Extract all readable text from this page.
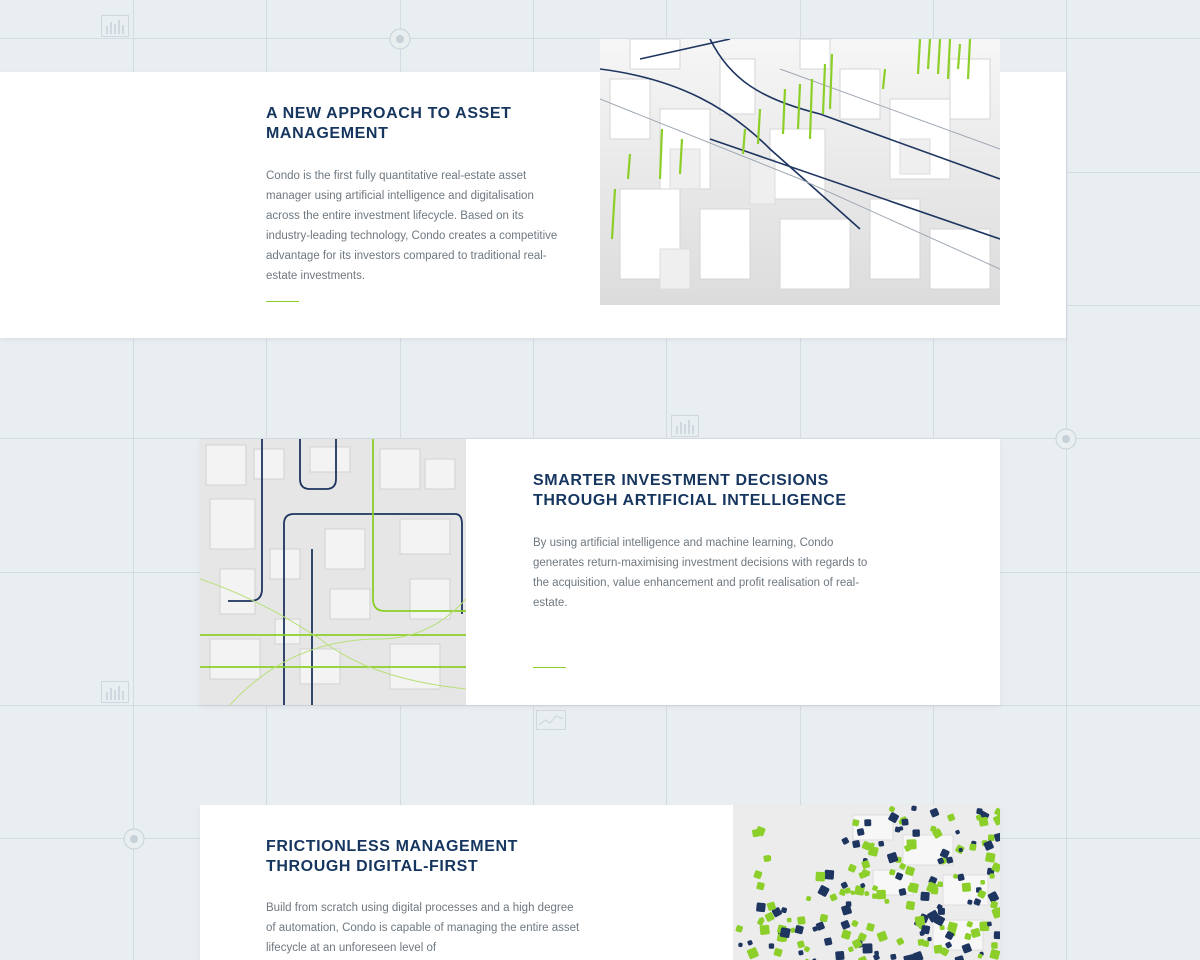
A NEW APPROACH TO ASSET MANAGEMENT

Condo is the first fully quantitative real-estate asset manager using artificial intelligence and digitalisation across the entire investment lifecycle. Based on its industry-leading technology, Condo creates a competitive advantage for its investors compared to traditional real-estate investments.

SMARTER INVESTMENT DECISIONS THROUGH ARTIFICIAL INTELLIGENCE

By using artificial intelligence and machine learning, Condo generates return-maximising investment decisions with regards to the acquisition, value enhancement and profit realisation of real-estate.

FRICTIONLESS MANAGEMENT THROUGH DIGITAL-FIRST

Build from scratch using digital processes and a high degree of automation, Condo is capable of managing the entire asset lifecycle at an unforeseen level of
